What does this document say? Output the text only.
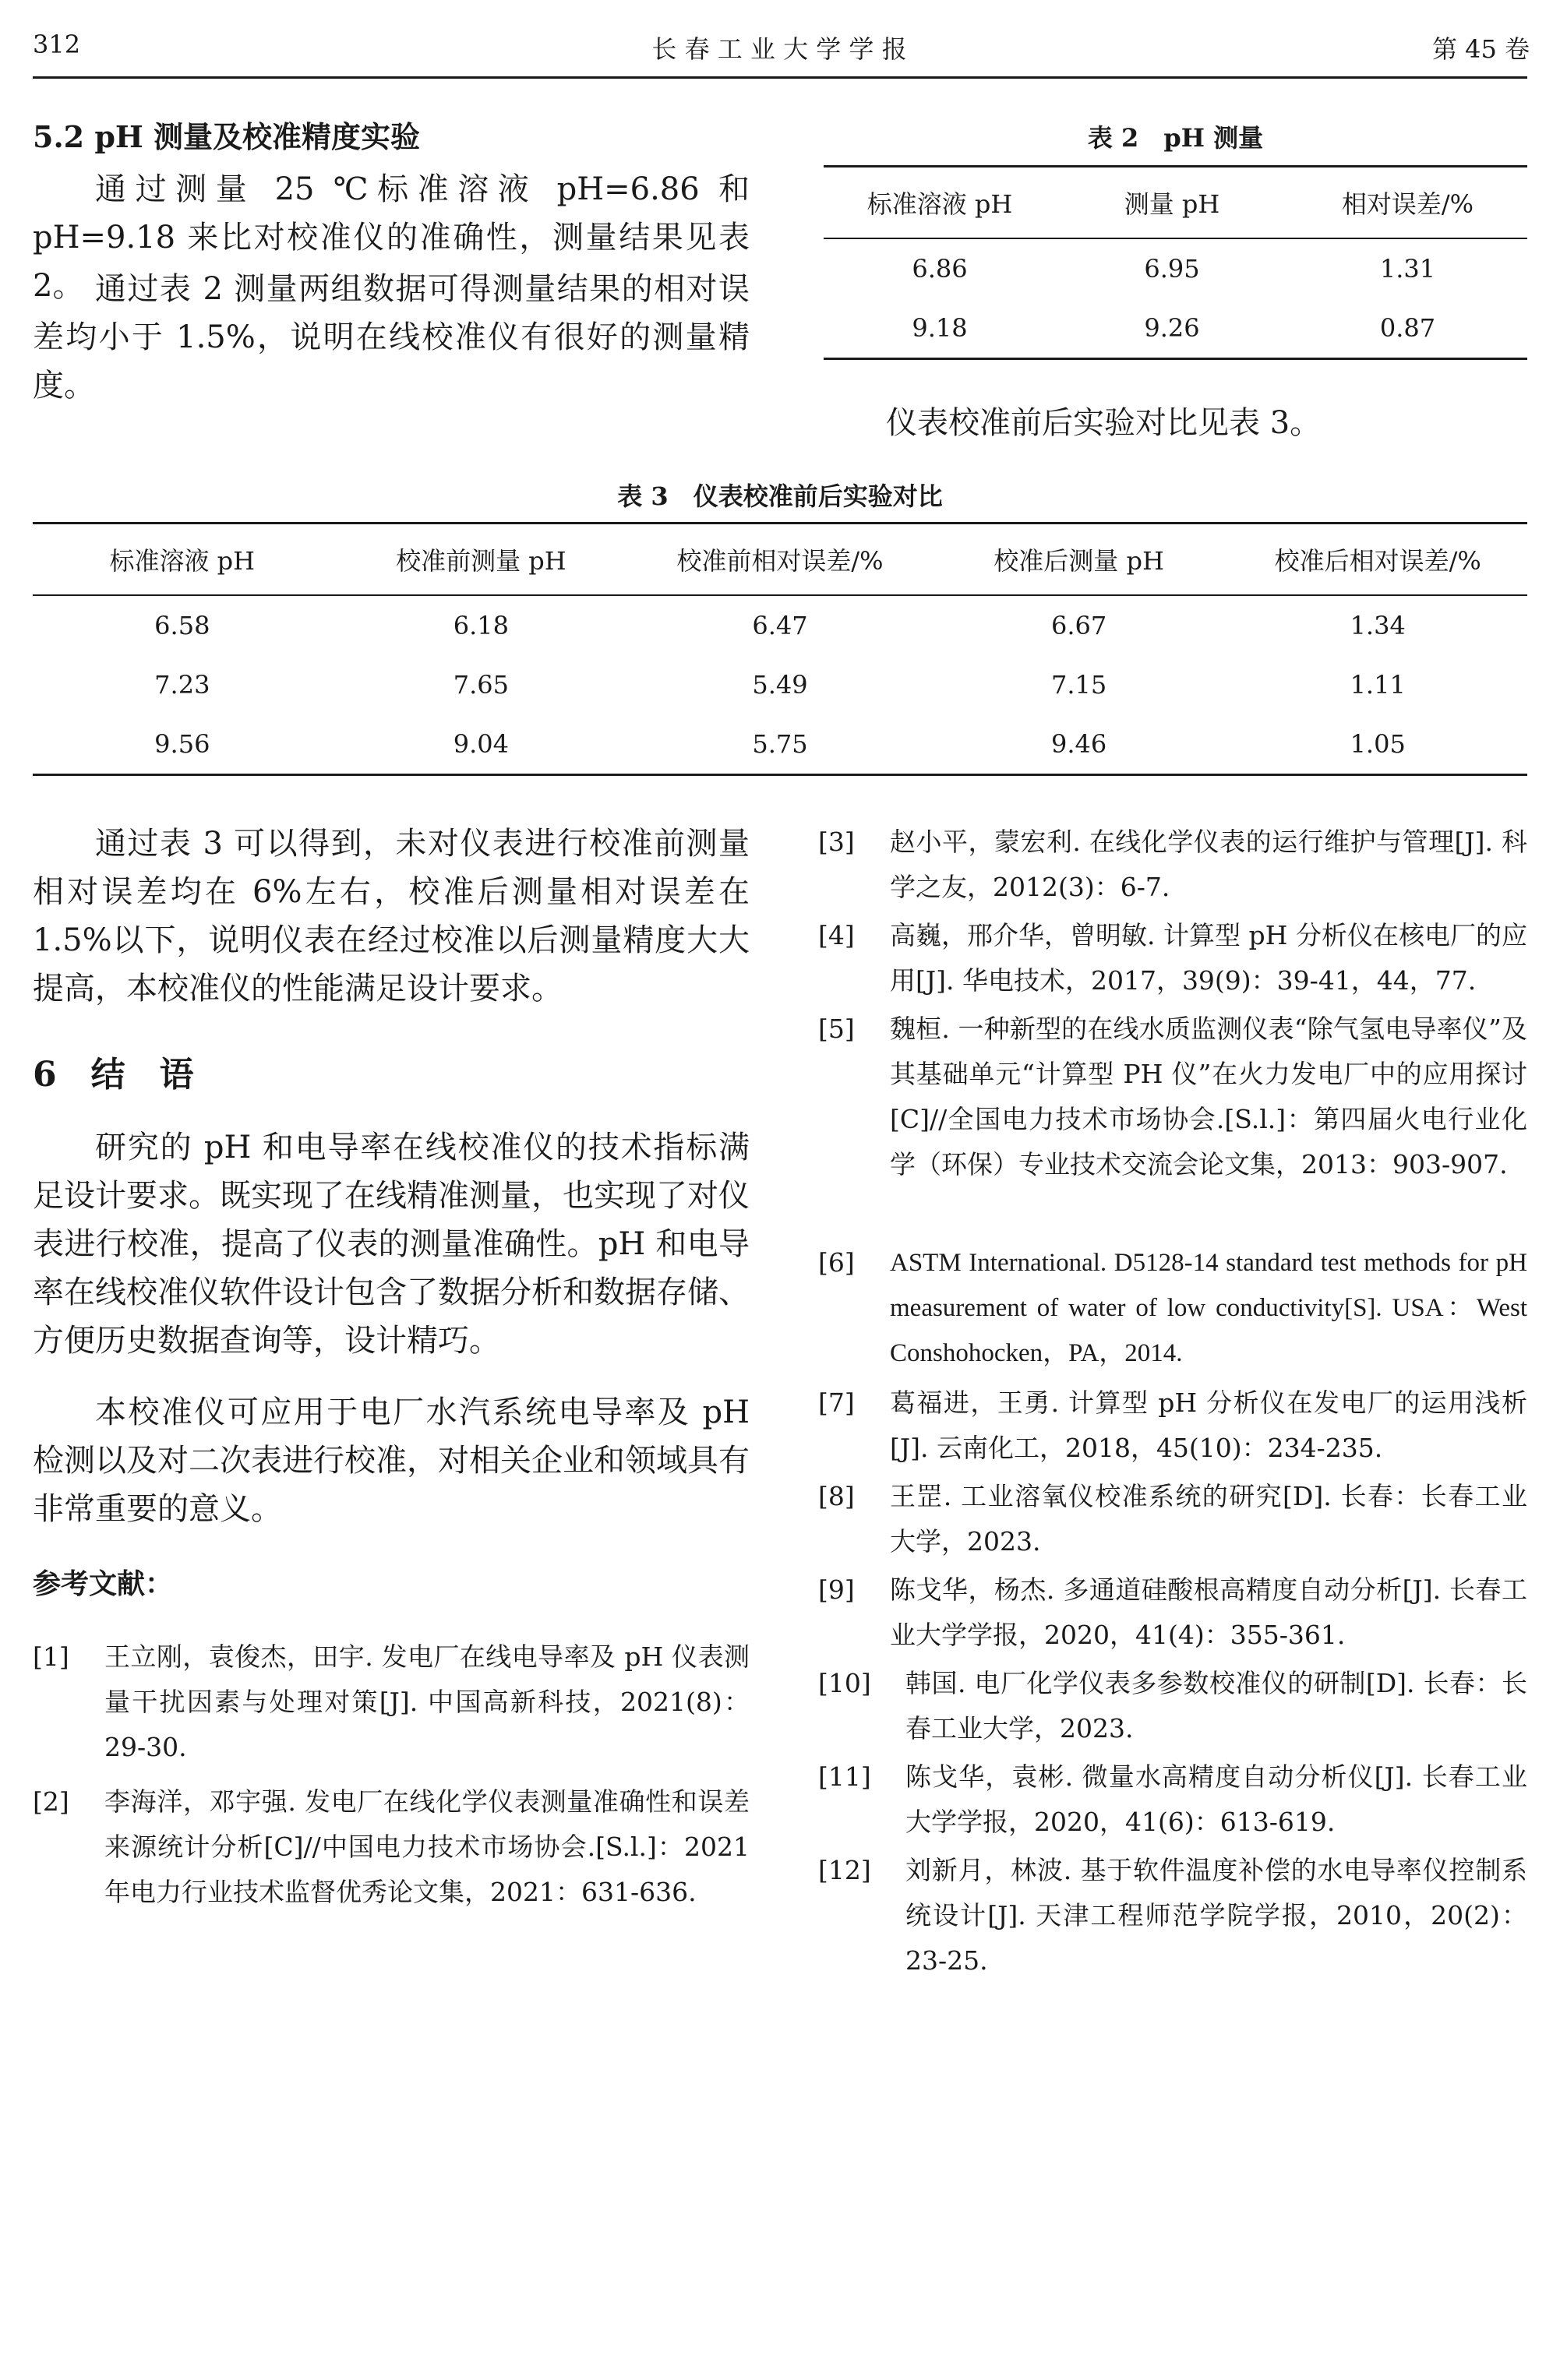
312	长 春 工 业 大 学 学 报	第 45 卷
5.2 pH 测量及校准精度实验
通过测量 25 ℃标准溶液 pH=6.86 和 pH=9.18 来比对校准仪的准确性，测量结果见表 2。 通过表 2 测量两组数据可得测量结果的相对误差均小于 1.5%，说明在线校准仪有很好的测量精度。
表 2　pH 测量
标准溶液 pH	测量 pH	相对误差/%
6.86	6.95	1.31
9.18	9.26	0.87
仪表校准前后实验对比见表 3。
表 3　仪表校准前后实验对比
标准溶液 pH	校准前测量 pH	校准前相对误差/%	校准后测量 pH	校准后相对误差/%
6.58	6.18	6.47	6.67	1.34
7.23	7.65	5.49	7.15	1.11
9.56	9.04	5.75	9.46	1.05
通过表 3 可以得到，未对仪表进行校准前测量相对误差均在 6%左右，校准后测量相对误差在 1.5%以下，说明仪表在经过校准以后测量精度大大提高，本校准仪的性能满足设计要求。
6　结　语
研究的 pH 和电导率在线校准仪的技术指标满足设计要求。既实现了在线精准测量，也实现了对仪表进行校准，提高了仪表的测量准确性。pH 和电导率在线校准仪软件设计包含了数据分析和数据存储、方便历史数据查询等，设计精巧。
本校准仪可应用于电厂水汽系统电导率及 pH 检测以及对二次表进行校准，对相关企业和领域具有非常重要的意义。
参考文献：
[1] 王立刚，袁俊杰，田宇. 发电厂在线电导率及 pH 仪表测量干扰因素与处理对策[J]. 中国高新科技，2021(8)：29-30.
[2] 李海洋，邓宇强. 发电厂在线化学仪表测量准确性和误差来源统计分析[C]//中国电力技术市场协会.[S.l.]：2021 年电力行业技术监督优秀论文集，2021：631-636.
[3] 赵小平，蒙宏利. 在线化学仪表的运行维护与管理[J]. 科学之友，2012(3)：6-7.
[4] 高巍，邢介华，曾明敏. 计算型 pH 分析仪在核电厂的应用[J]. 华电技术，2017，39(9)：39-41，44，77.
[5] 魏桓. 一种新型的在线水质监测仪表“除气氢电导率仪”及其基础单元“计算型 PH 仪”在火力发电厂中的应用探讨[C]//全国电力技术市场协会.[S.l.]：第四届火电行业化学（环保）专业技术交流会论文集，2013：903-907.
[6] ASTM International. D5128-14 standard test methods for pH measurement of water of low conductivity[S]. USA：West Conshohocken，PA，2014.
[7] 葛福进，王勇. 计算型 pH 分析仪在发电厂的运用浅析[J]. 云南化工，2018，45(10)：234-235.
[8] 王罡. 工业溶氧仪校准系统的研究[D]. 长春：长春工业大学，2023.
[9] 陈戈华，杨杰. 多通道硅酸根高精度自动分析[J]. 长春工业大学学报，2020，41(4)：355-361.
[10] 韩国. 电厂化学仪表多参数校准仪的研制[D]. 长春：长春工业大学，2023.
[11] 陈戈华，袁彬. 微量水高精度自动分析仪[J]. 长春工业大学学报，2020，41(6)：613-619.
[12] 刘新月，林波. 基于软件温度补偿的水电导率仪控制系统设计[J]. 天津工程师范学院学报，2010，20(2)：23-25.
